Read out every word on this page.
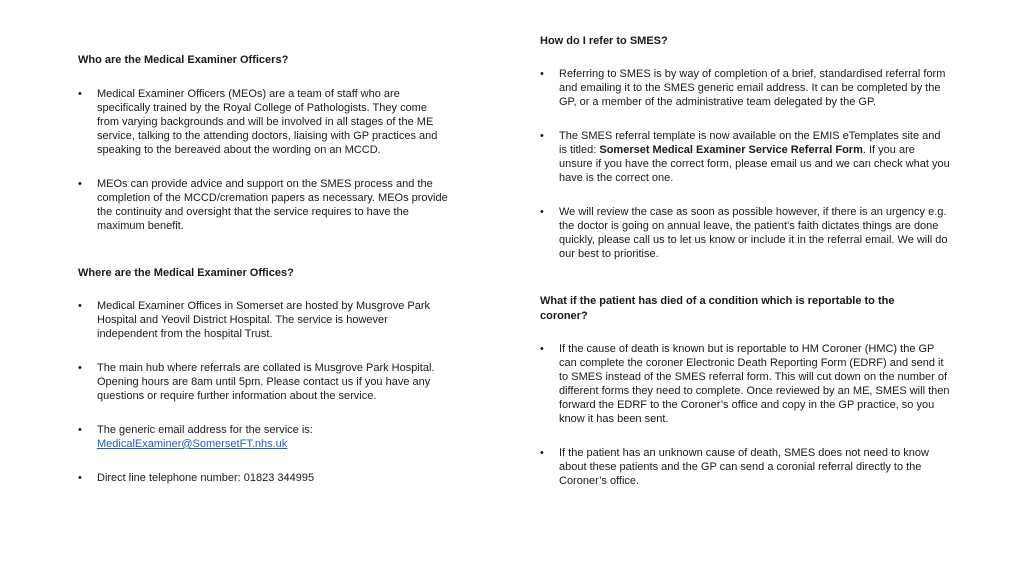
Who are the Medical Examiner Officers?
• Medical Examiner Officers (MEOs) are a team of staff who are specifically trained by the Royal College of Pathologists. They come from varying backgrounds and will be involved in all stages of the ME service, talking to the attending doctors, liaising with GP practices and speaking to the bereaved about the wording on an MCCD.
• MEOs can provide advice and support on the SMES process and the completion of the MCCD/cremation papers as necessary. MEOs provide the continuity and oversight that the service requires to have the maximum benefit.
Where are the Medical Examiner Offices?
• Medical Examiner Offices in Somerset are hosted by Musgrove Park Hospital and Yeovil District Hospital. The service is however independent from the hospital Trust.
• The main hub where referrals are collated is Musgrove Park Hospital. Opening hours are 8am until 5pm. Please contact us if you have any questions or require further information about the service.
• The generic email address for the service is:
MedicalExaminer@SomersetFT.nhs.uk
• Direct line telephone number: 01823 344995
How do I refer to SMES?
• Referring to SMES is by way of completion of a brief, standardised referral form and emailing it to the SMES generic email address. It can be completed by the GP, or a member of the administrative team delegated by the GP.
• The SMES referral template is now available on the EMIS eTemplates site and is titled: Somerset Medical Examiner Service Referral Form. If you are unsure if you have the correct form, please email us and we can check what you have is the correct one.
• We will review the case as soon as possible however, if there is an urgency e.g. the doctor is going on annual leave, the patient's faith dictates things are done quickly, please call us to let us know or include it in the referral email. We will do our best to prioritise.
What if the patient has died of a condition which is reportable to the coroner?
• If the cause of death is known but is reportable to HM Coroner (HMC) the GP can complete the coroner Electronic Death Reporting Form (EDRF) and send it to SMES instead of the SMES referral form. This will cut down on the number of different forms they need to complete. Once reviewed by an ME, SMES will then forward the EDRF to the Coroner’s office and copy in the GP practice, so you know it has been sent.
• If the patient has an unknown cause of death, SMES does not need to know about these patients and the GP can send a coronial referral directly to the Coroner’s office.
